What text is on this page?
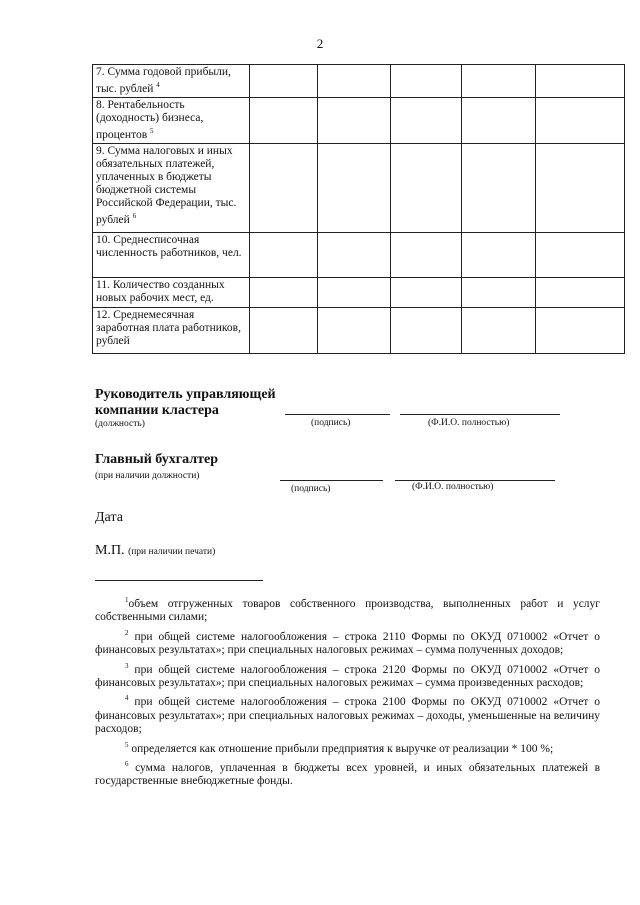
2
7. Сумма годовой прибыли, тыс. рублей $^4$					
8. Рентабельность (доходность) бизнеса, процентов $^5$					
9. Сумма налоговых и иных обязательных платежей, уплаченных в бюджеты бюджетной системы Российской Федерации, тыс. рублей $^6$					
10. Среднесписочная численность работников, чел.					
11. Количество созданных новых рабочих мест, ед.					
12. Среднемесячная заработная плата работников, рублей					
Руководитель управляющей
компании кластера
(должность)	(подпись)	(Ф.И.О. полностью)
Главный бухгалтер
(при наличии должности)
(подпись)	(Ф.И.О. полностью)
Дата
М.П. (при наличии печати)

$^1$объем отгруженных товаров собственного производства, выполненных работ и услуг собственными силами;

$^2$ при общей системе налогообложения – строка 2110 Формы по ОКУД 0710002 «Отчет о финансовых результатах»; при специальных налоговых режимах – сумма полученных доходов;

$^3$ при общей системе налогообложения – строка 2120 Формы по ОКУД 0710002 «Отчет о финансовых результатах»; при специальных налоговых режимах – сумма произведенных расходов;

$^4$ при общей системе налогообложения – строка 2100 Формы по ОКУД 0710002 «Отчет о финансовых результатах»; при специальных налоговых режимах – доходы, уменьшенные на величину расходов;

$^5$ определяется как отношение прибыли предприятия к выручке от реализации * 100 %;

$^6$ сумма налогов, уплаченная в бюджеты всех уровней, и иных обязательных платежей в государственные внебюджетные фонды.
